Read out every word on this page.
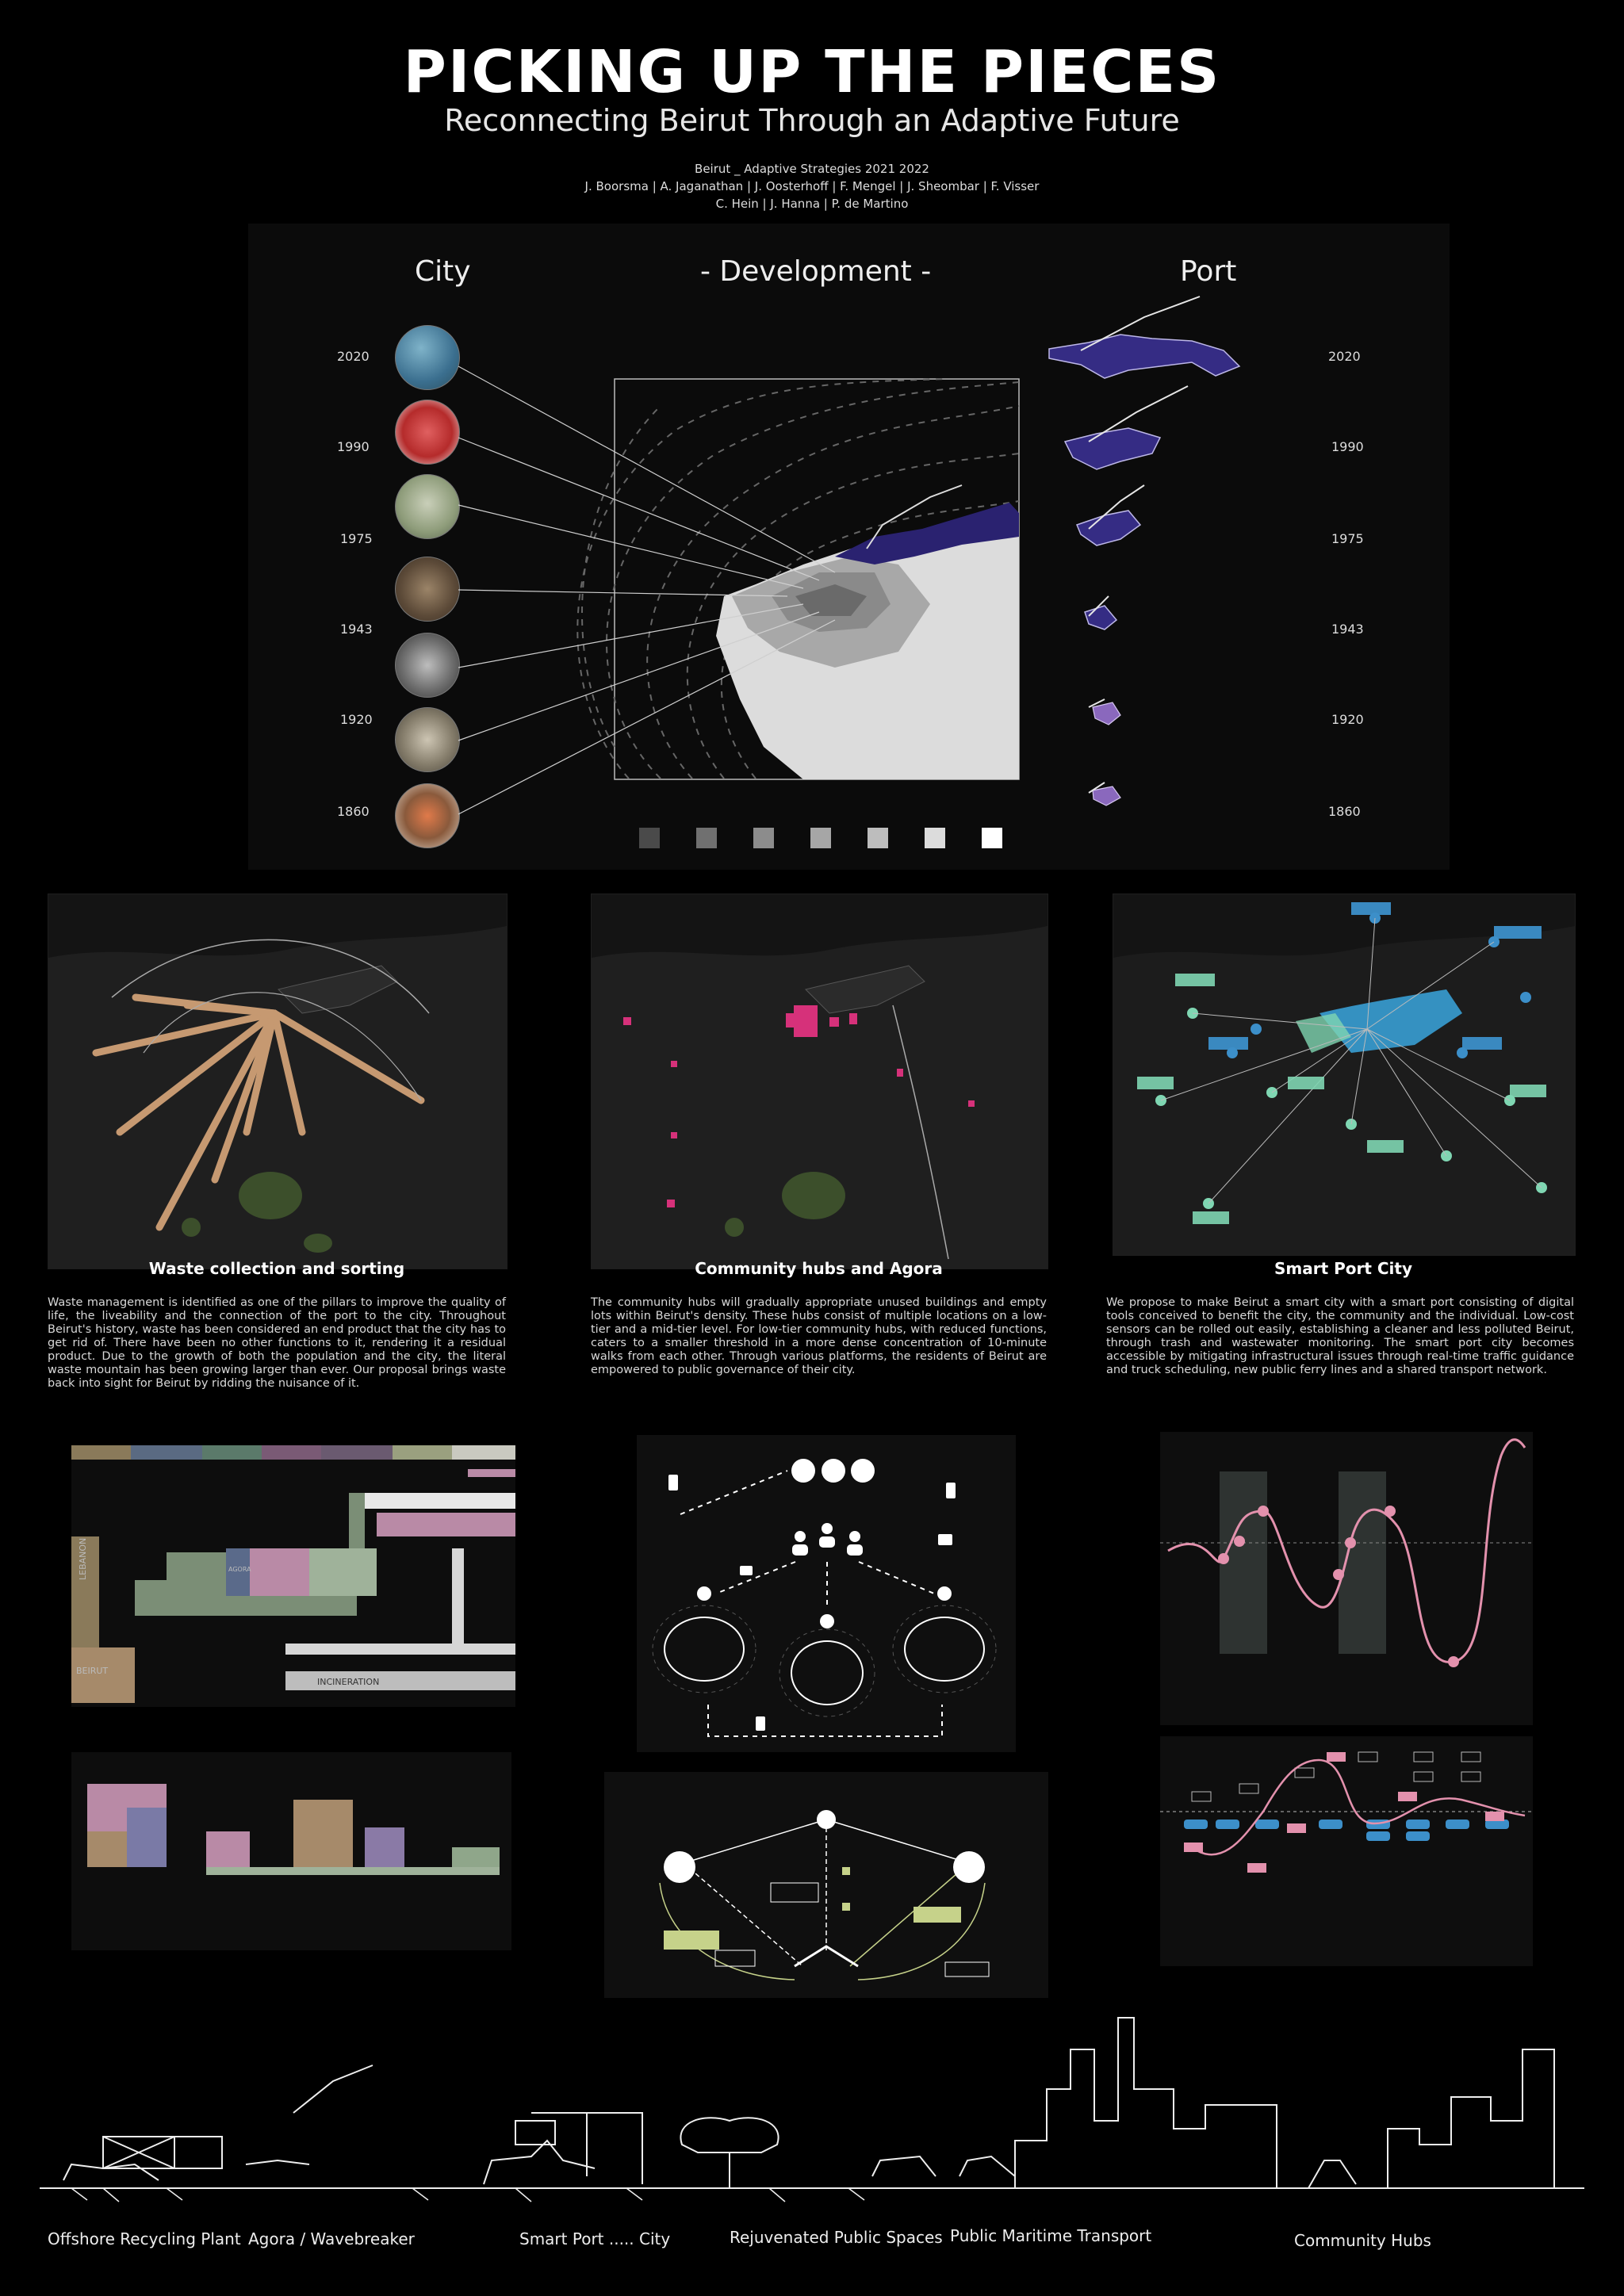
PICKING UP THE PIECES
Reconnecting Beirut Through an Adaptive Future
Beirut _ Adaptive Strategies 2021 2022
J. Boorsma | A. Jaganathan | J. Oosterhoff | F. Mengel | J. Sheombar | F. Visser
C. Hein | J. Hanna | P. de Martino
City	- Development -	Port
2020
1990
1975
1943
1920
1860
2020
1990
1975
1943
1920
1860
Waste collection and sorting	Community hubs and Agora	Smart Port City
Waste management is identified as one of the pillars to improve the quality of life, the liveability and the connection of the port to the city. Throughout Beirut's history, waste has been considered an end product that the city has to get rid of. There have been no other functions to it, rendering it a residual product. Due to the growth of both the population and the city, the literal waste mountain has been growing larger than ever. Our proposal brings waste back into sight for Beirut by ridding the nuisance of it.
The community hubs will gradually appropriate unused buildings and empty lots within Beirut's density. These hubs consist of multiple locations on a low-tier and a mid-tier level. For low-tier community hubs, with reduced functions, caters to a smaller threshold in a more dense concentration of 10-minute walks from each other. Through various platforms, the residents of Beirut are empowered to public governance of their city.
We propose to make Beirut a smart city with a smart port consisting of digital tools conceived to benefit the city, the community and the individual. Low-cost sensors can be rolled out easily, establishing a cleaner and less polluted Beirut, through trash and wastewater monitoring. The smart port city becomes accessible by mitigating infrastructural issues through real-time traffic guidance and truck scheduling, new public ferry lines and a shared transport network.
LEBANON
BEIRUT
INCINERATION
AGORA
Offshore Recycling Plant Agora / Wavebreaker	Smart Port ..... City	Rejuvenated Public Spaces Public Maritime Transport	Community Hubs
